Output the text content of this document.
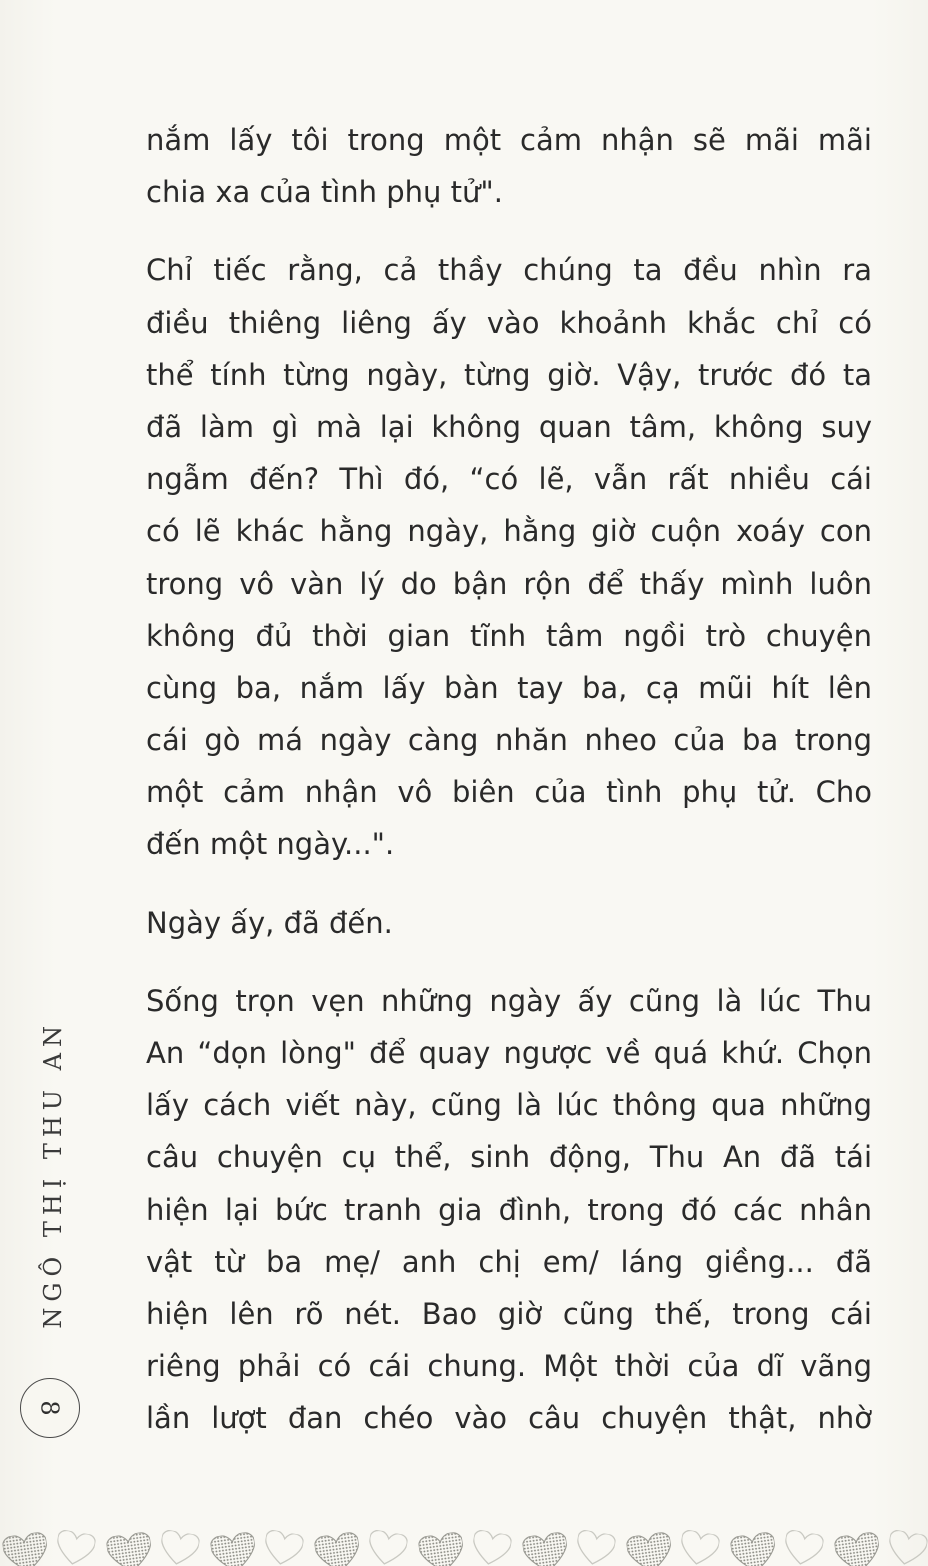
nắm lấy tôi trong một cảm nhận sẽ mãi mãi
chia xa của tình phụ tử".

Chỉ tiếc rằng, cả thầy chúng ta đều nhìn ra
điều thiêng liêng ấy vào khoảnh khắc chỉ có
thể tính từng ngày, từng giờ. Vậy, trước đó ta
đã làm gì mà lại không quan tâm, không suy
ngẫm đến? Thì đó, “có lẽ, vẫn rất nhiều cái
có lẽ khác hằng ngày, hằng giờ cuộn xoáy con
trong vô vàn lý do bận rộn để thấy mình luôn
không đủ thời gian tĩnh tâm ngồi trò chuyện
cùng ba, nắm lấy bàn tay ba, cạ mũi hít lên
cái gò má ngày càng nhăn nheo của ba trong
một cảm nhận vô biên của tình phụ tử. Cho
đến một ngày...".

Ngày ấy, đã đến.

Sống trọn vẹn những ngày ấy cũng là lúc Thu
An “dọn lòng" để quay ngược về quá khứ. Chọn
lấy cách viết này, cũng là lúc thông qua những
câu chuyện cụ thể, sinh động, Thu An đã tái
hiện lại bức tranh gia đình, trong đó các nhân
vật từ ba mẹ/ anh chị em/ láng giềng... đã
hiện lên rõ nét. Bao giờ cũng thế, trong cái
riêng phải có cái chung. Một thời của dĩ vãng
lần lượt đan chéo vào câu chuyện thật, nhờ

NGÔ THỊ THU AN
8
